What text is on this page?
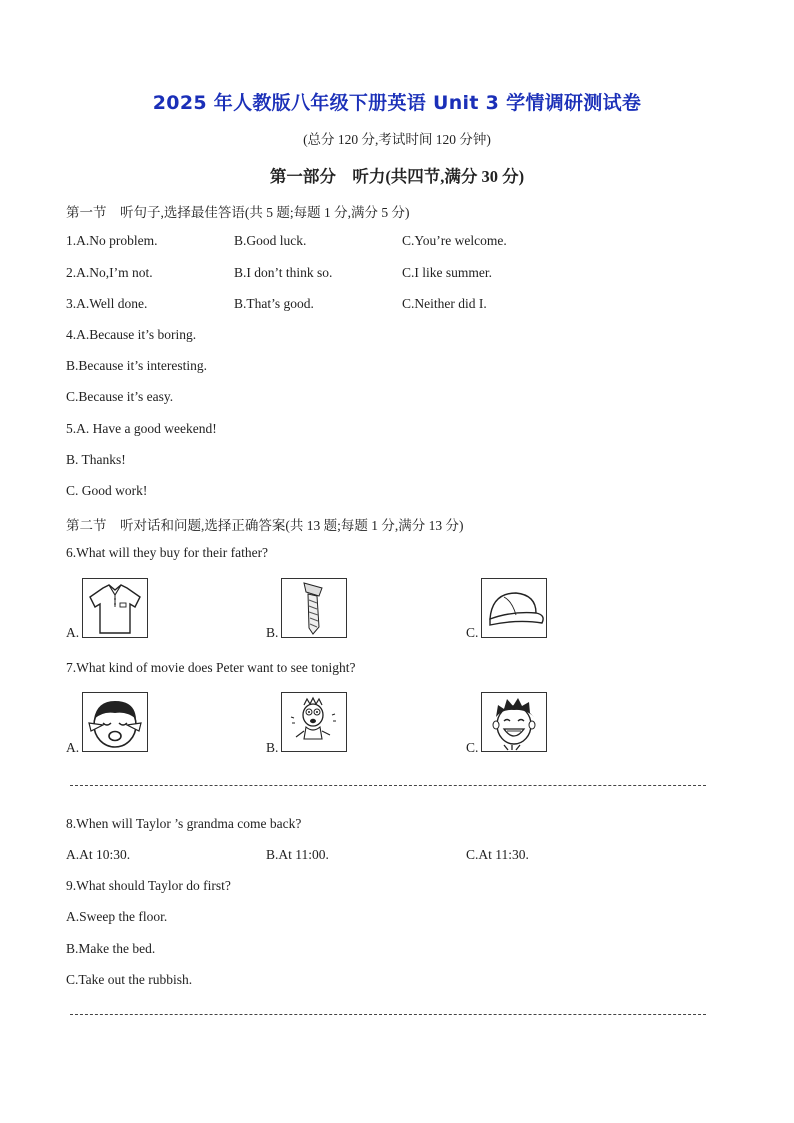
2025 年人教版八年级下册英语 Unit 3 学情调研测试卷
(总分 120 分,考试时间 120 分钟)
第一部分　听力(共四节,满分 30 分)
第一节　听句子,选择最佳答语(共 5 题;每题 1 分,满分 5 分)
1.A.No problem.	B.Good luck.	C.You’re welcome.
2.A.No,I’m not.	B.I don’t think so.	C.I like summer.
3.A.Well done.	B.That’s good.	C.Neither did I.
4.A.Because it’s boring.
B.Because it’s interesting.
C.Because it’s easy.
5.A. Have a good weekend!
B. Thanks!
C. Good work!
第二节　听对话和问题,选择正确答案(共 13 题;每题 1 分,满分 13 分)
6.What will they buy for their father?
A.	B.	C.
7.What kind of movie does Peter want to see tonight?
A.	B.	C.
8.When will Taylor ’s grandma come back?
A.At 10:30.	B.At 11:00.	C.At 11:30.
9.What should Taylor do first?
A.Sweep the floor.
B.Make the bed.
C.Take out the rubbish.
